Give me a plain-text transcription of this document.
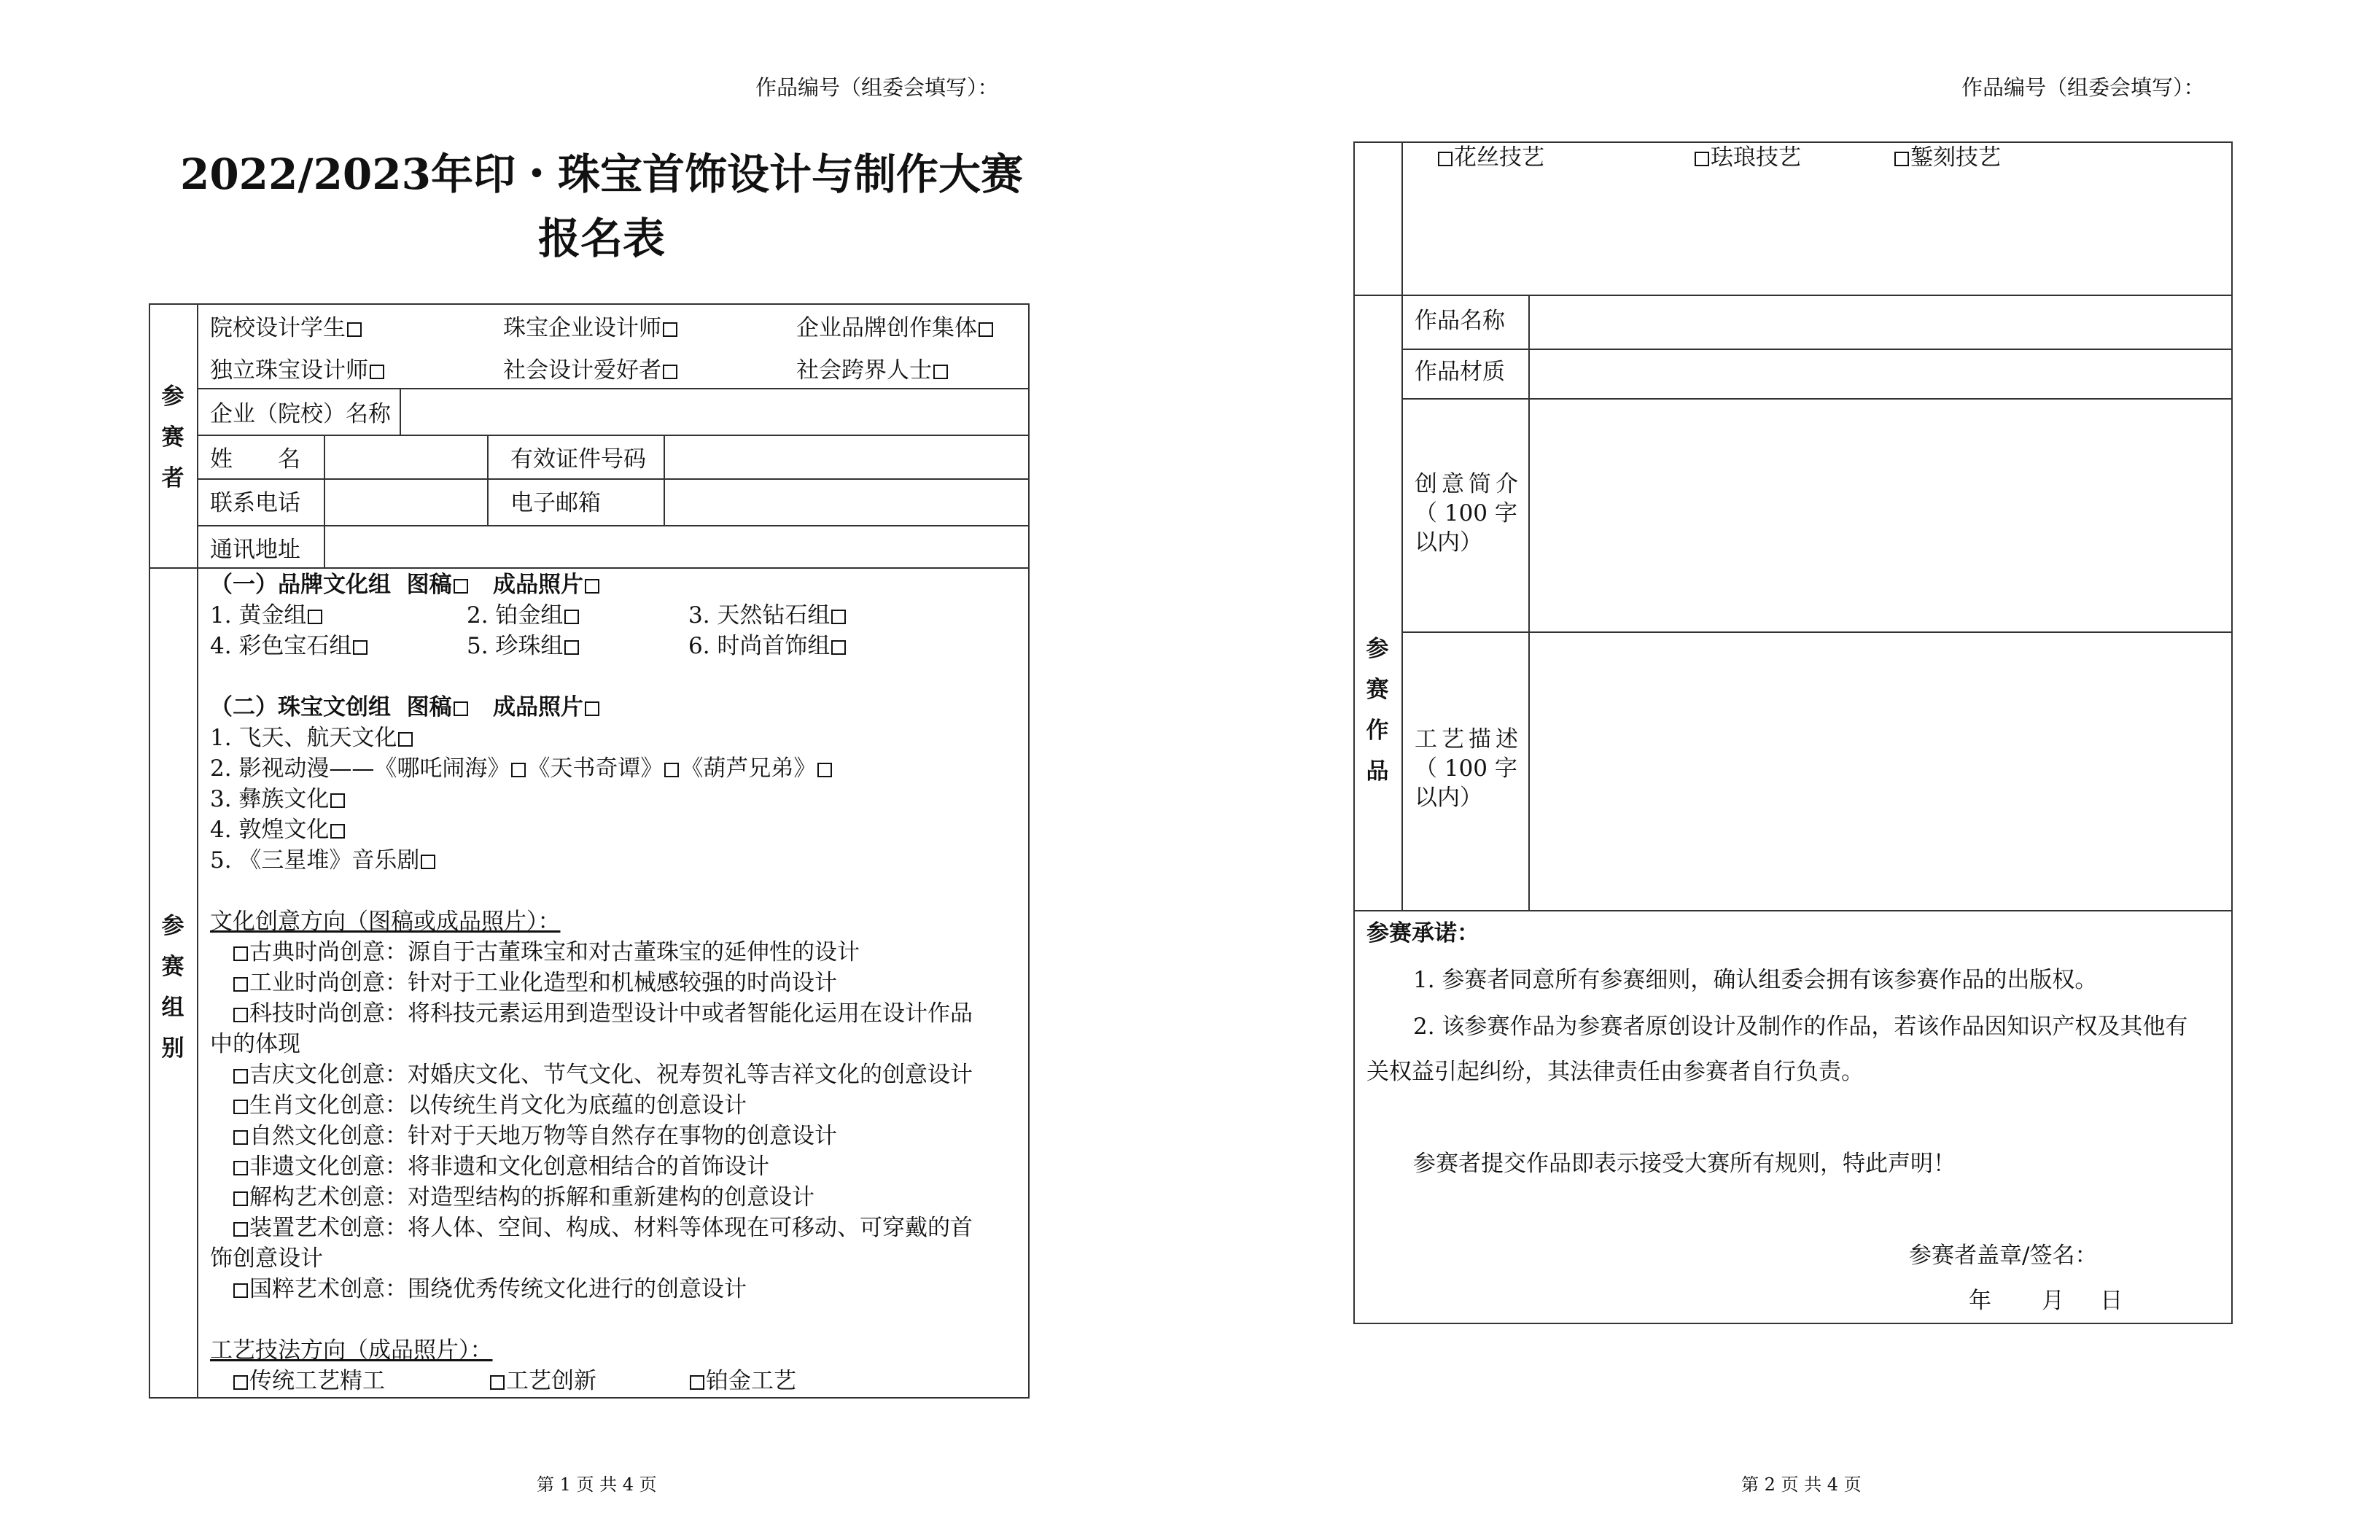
作品编号（组委会填写）：
2022/2023年印・珠宝首饰设计与制作大赛
报名表
参
赛
者
院校设计学生	珠宝企业设计师	企业品牌创作集体
独立珠宝设计师	社会设计爱好者	社会跨界人士
企业（院校）名称
姓　　名	有效证件号码
联系电话	电子邮箱
通讯地址
参
赛
组
别
（一）品牌文化组 图稿 成品照片
1. 黄金组	2. 铂金组	3. 天然钻石组
4. 彩色宝石组	5. 珍珠组	6. 时尚首饰组
（二）珠宝文创组 图稿 成品照片
1. 飞天、航天文化
2. 影视动漫——《哪吒闹海》 《天书奇谭》 《葫芦兄弟》
3. 彝族文化
4. 敦煌文化
5. 《三星堆》音乐剧
文化创意方向（图稿或成品照片）：
古典时尚创意：源自于古董珠宝和对古董珠宝的延伸性的设计
工业时尚创意：针对于工业化造型和机械感较强的时尚设计
科技时尚创意：将科技元素运用到造型设计中或者智能化运用在设计作品
中的体现
吉庆文化创意：对婚庆文化、节气文化、祝寿贺礼等吉祥文化的创意设计
生肖文化创意：以传统生肖文化为底蕴的创意设计
自然文化创意：针对于天地万物等自然存在事物的创意设计
非遗文化创意：将非遗和文化创意相结合的首饰设计
解构艺术创意：对造型结构的拆解和重新建构的创意设计
装置艺术创意：将人体、空间、构成、材料等体现在可移动、可穿戴的首
饰创意设计
国粹艺术创意：围绕优秀传统文化进行的创意设计
工艺技法方向（成品照片）：
传统工艺精工	工艺创新	铂金工艺
第 1 页 共 4 页
作品编号（组委会填写）：
花丝技艺	珐琅技艺	錾刻技艺
参
赛
作
品
作品名称
作品材质
创意简介
（ 100 字
以内）
工艺描述
（ 100 字
以内）
参赛承诺：
1. 参赛者同意所有参赛细则，确认组委会拥有该参赛作品的出版权。
2. 该参赛作品为参赛者原创设计及制作的作品，若该作品因知识产权及其他有
关权益引起纠纷，其法律责任由参赛者自行负责。
参赛者提交作品即表示接受大赛所有规则，特此声明！
参赛者盖章/签名：
年 月 日
第 2 页 共 4 页
